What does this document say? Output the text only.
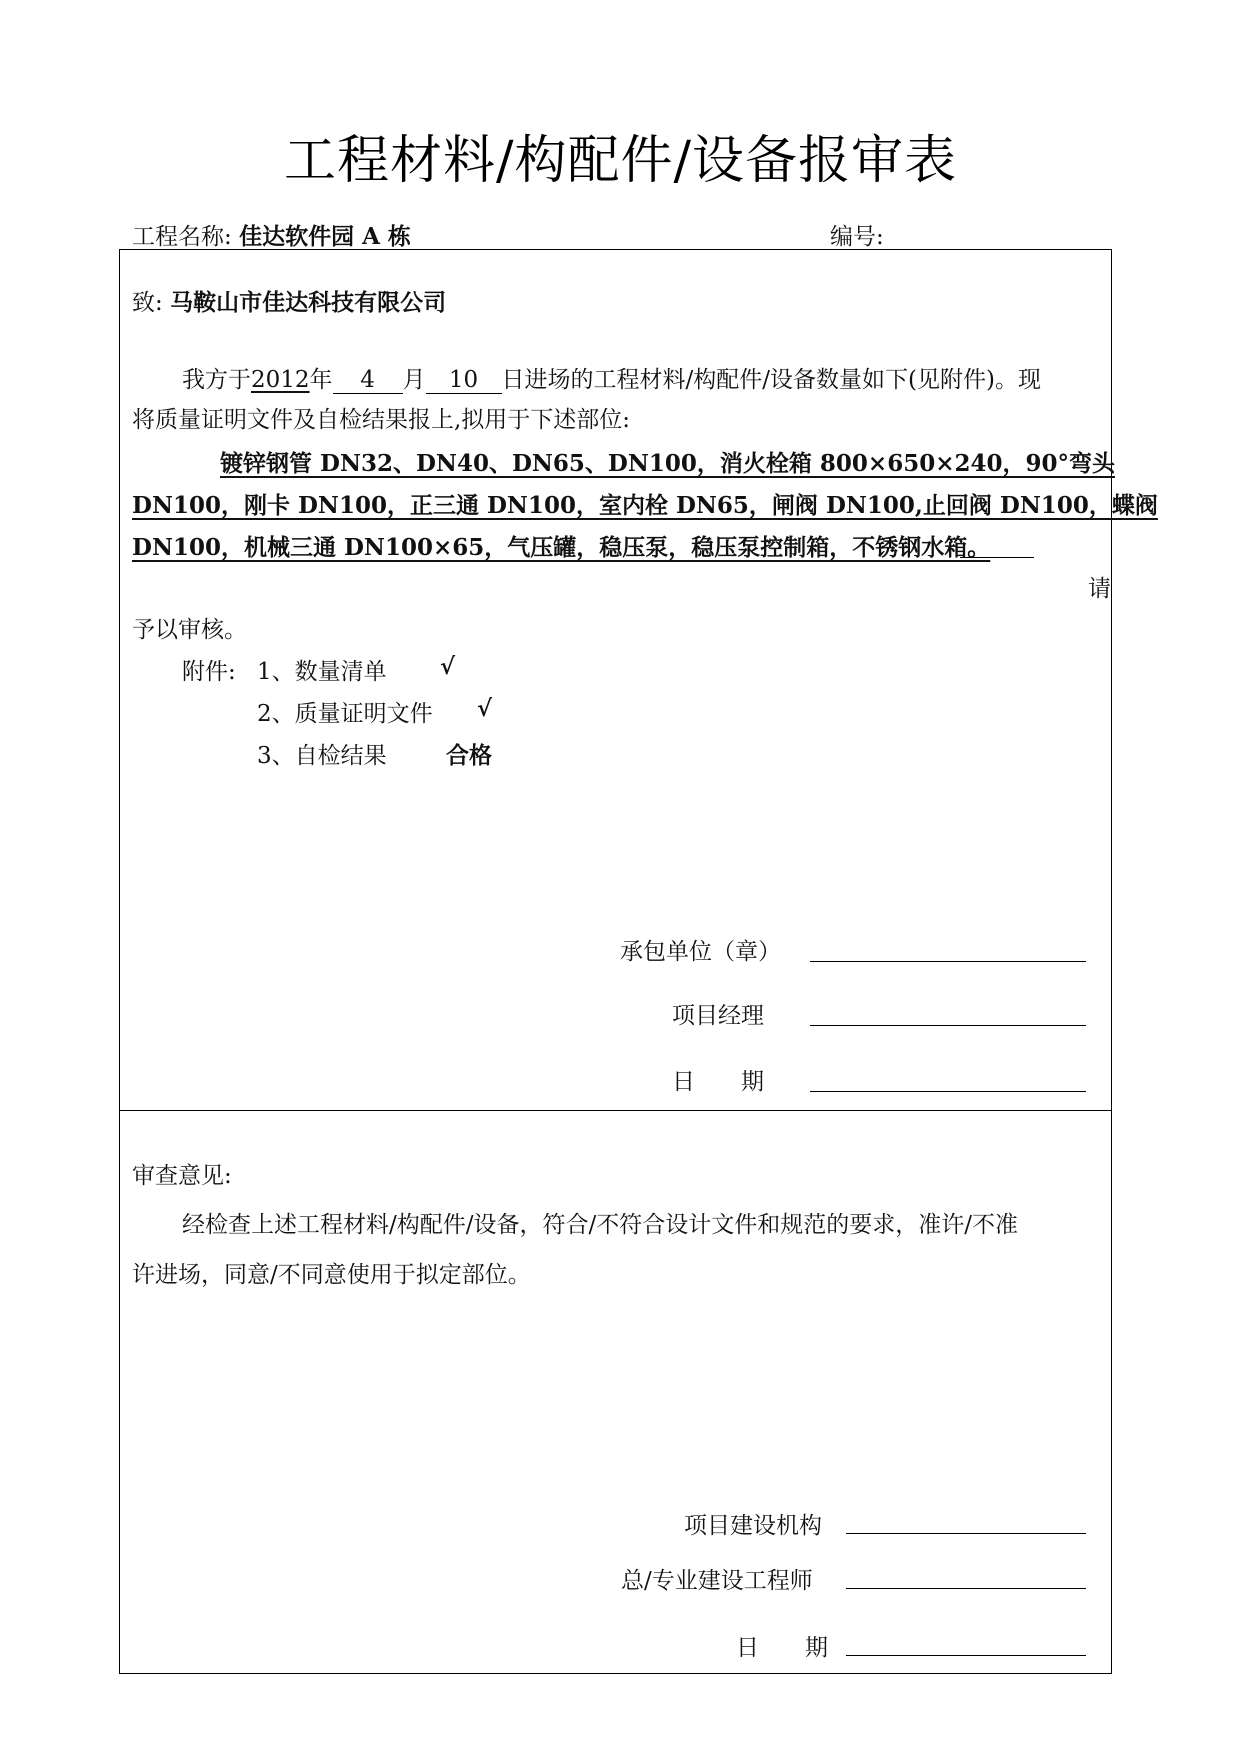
工程材料/构配件/设备报审表
工程名称: 佳达软件园 A 栋	编号:
致: 马鞍山市佳达科技有限公司
我方于2012年 4 月 10 日进场的工程材料/构配件/设备数量如下(见附件)。现
将质量证明文件及自检结果报上,拟用于下述部位:
镀锌钢管 DN32、DN40、DN65、DN100，消火栓箱 800×650×240，90°弯头
DN100，刚卡 DN100，正三通 DN100，室内栓 DN65，闸阀 DN100,止回阀 DN100，蝶阀
DN100，机械三通 DN100×65，气压罐，稳压泵，稳压泵控制箱，不锈钢水箱。
请
予以审核。
附件: 1、数量清单 √
2、质量证明文件 √
3、自检结果	合格
承包单位（章）
项目经理
日　　期
审查意见:
经检查上述工程材料/构配件/设备，符合/不符合设计文件和规范的要求，准许/不准
许进场，同意/不同意使用于拟定部位。
项目建设机构
总/专业建设工程师
日　　期
